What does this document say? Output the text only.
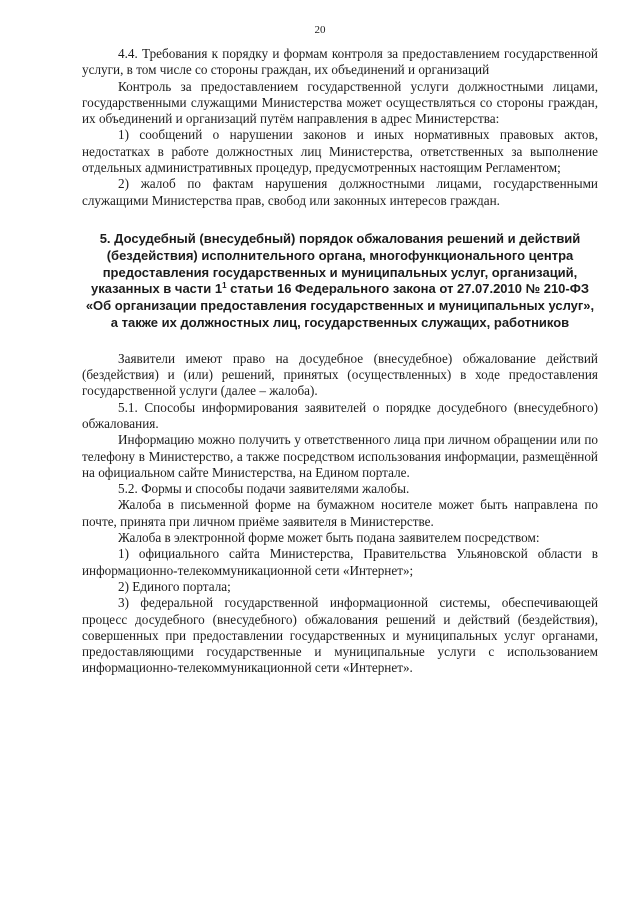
20

4.4. Требования к порядку и формам контроля за предоставлением государственной услуги, в том числе со стороны граждан, их объединений и организаций

Контроль за предоставлением государственной услуги должностными лицами, государственными служащими Министерства может осуществляться со стороны граждан, их объединений и организаций путём направления в адрес Министерства:

1) сообщений о нарушении законов и иных нормативных правовых актов, недостатках в работе должностных лиц Министерства, ответственных за выполнение отдельных административных процедур, предусмотренных настоящим Регламентом;

2) жалоб по фактам нарушения должностными лицами, государственными служащими Министерства прав, свобод или законных интересов граждан.

5. Досудебный (внесудебный) порядок обжалования решений и действий (бездействия) исполнительного органа, многофункционального центра предоставления государственных и муниципальных услуг, организаций, указанных в части $1^1$ статьи 16 Федерального закона от 27.07.2010 № 210-ФЗ «Об организации предоставления государственных и муниципальных услуг», а также их должностных лиц, государственных служащих, работников

Заявители имеют право на досудебное (внесудебное) обжалование действий (бездействия) и (или) решений, принятых (осуществленных) в ходе предоставления государственной услуги (далее – жалоба).

5.1. Способы информирования заявителей о порядке досудебного (внесудебного) обжалования.

Информацию можно получить у ответственного лица при личном обращении или по телефону в Министерство, а также посредством использования информации, размещённой на официальном сайте Министерства, на Едином портале.

5.2. Формы и способы подачи заявителями жалобы.

Жалоба в письменной форме на бумажном носителе может быть направлена по почте, принята при личном приёме заявителя в Министерстве.

Жалоба в электронной форме может быть подана заявителем посредством:

1) официального сайта Министерства, Правительства Ульяновской области в информационно-телекоммуникационной сети «Интернет»;

2) Единого портала;

3) федеральной государственной информационной системы, обеспечивающей процесс досудебного (внесудебного) обжалования решений и действий (бездействия), совершенных при предоставлении государственных и муниципальных услуг органами, предоставляющими государственные и муниципальные услуги с использованием информационно-телекоммуникационной сети «Интернет».
